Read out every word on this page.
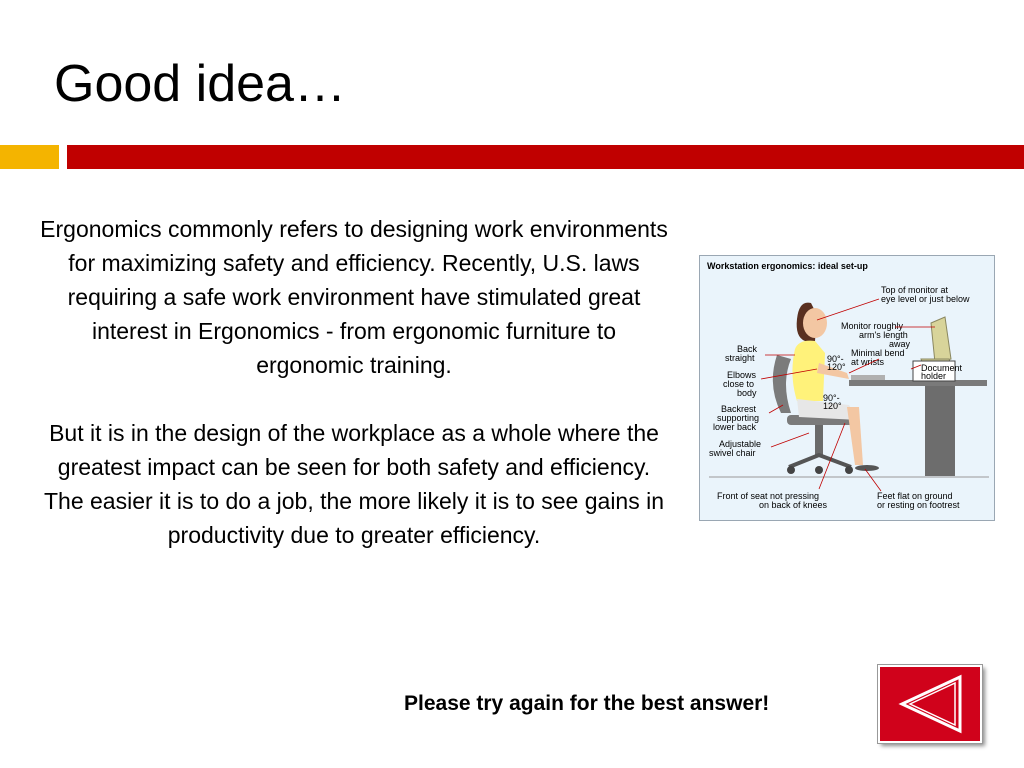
Good idea…

Ergonomics commonly refers to designing work environments for maximizing safety and efficiency. Recently, U.S. laws requiring a safe work environment have stimulated great interest in Ergonomics - from ergonomic furniture to ergonomic training.

But it is in the design of the workplace as a whole where the greatest impact can be seen for both safety and efficiency. The easier it is to do a job, the more likely it is to see gains in productivity due to greater efficiency.

Workstation ergonomics: ideal set-up
Top of monitor at
eye level or just below
Monitor roughly
arm's length
away
Minimal bend
at wrists
Document
holder
Back
straight
Elbows
close to
body
Backrest
supporting
lower back
Adjustable
swivel chair
90°-
120°
90°-
120°
Front of seat not pressing
on back of knees
Feet flat on ground
or resting on footrest
Please try again for the best answer!
